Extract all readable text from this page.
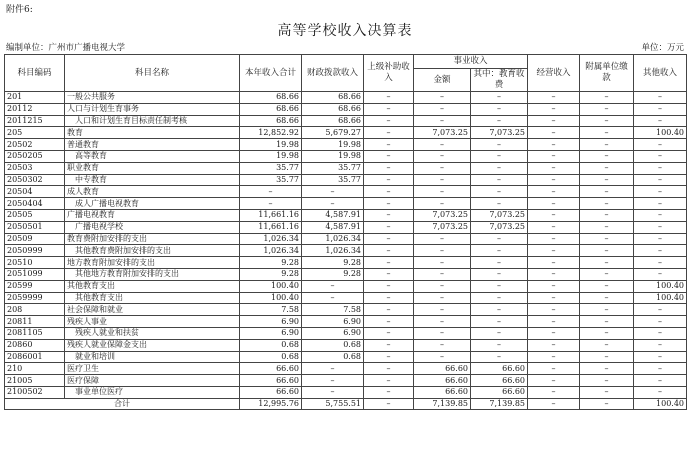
附件6:
高等学校收入决算表
编制单位：广州市广播电视大学	单位：万元
科目编码	科目名称	本年收入合计	财政拨款收入	上级补助收入	事业收入		经营收入	附属单位缴款	其他收入
					金额	其中：教育收费			
201	一般公共服务	68.66	68.66	–	–	–	–	–	–
20112	人口与计划生育事务	68.66	68.66	–	–	–	–	–	–
2011215	人口和计划生育目标责任制考核	68.66	68.66	–	–	–	–	–	–
205	教育	12,852.92	5,679.27	–	7,073.25	7,073.25	–	–	100.40
20502	普通教育	19.98	19.98	–	–	–	–	–	–
2050205	高等教育	19.98	19.98	–	–	–	–	–	–
20503	职业教育	35.77	35.77	–	–	–	–	–	–
2050302	中专教育	35.77	35.77	–	–	–	–	–	–
20504	成人教育	–	–	–	–	–	–	–	–
2050404	成人广播电视教育	–	–	–	–	–	–	–	–
20505	广播电视教育	11,661.16	4,587.91	–	7,073.25	7,073.25	–	–	–
2050501	广播电视学校	11,661.16	4,587.91	–	7,073.25	7,073.25	–	–	–
20509	教育费附加安排的支出	1,026.34	1,026.34	–	–	–	–	–	–
2050999	其他教育费附加安排的支出	1,026.34	1,026.34	–	–	–	–	–	–
20510	地方教育附加安排的支出	9.28	9.28	–	–	–	–	–	–
2051099	其他地方教育附加安排的支出	9.28	9.28	–	–	–	–	–	–
20599	其他教育支出	100.40	–	–	–	–	–	–	100.40
2059999	其他教育支出	100.40	–	–	–	–	–	–	100.40
208	社会保障和就业	7.58	7.58	–	–	–	–	–	–
20811	残疾人事业	6.90	6.90	–	–	–	–	–	–
2081105	残疾人就业和扶贫	6.90	6.90	–	–	–	–	–	–
20860	残疾人就业保障金支出	0.68	0.68	–	–	–	–	–	–
2086001	就业和培训	0.68	0.68	–	–	–	–	–	–
210	医疗卫生	66.60	–	–	66.60	66.60	–	–	–
21005	医疗保障	66.60	–	–	66.60	66.60	–	–	–
2100502	事业单位医疗	66.60	–	–	66.60	66.60	–	–	–
合计		12,995.76	5,755.51	–	7,139.85	7,139.85	–	–	100.40
